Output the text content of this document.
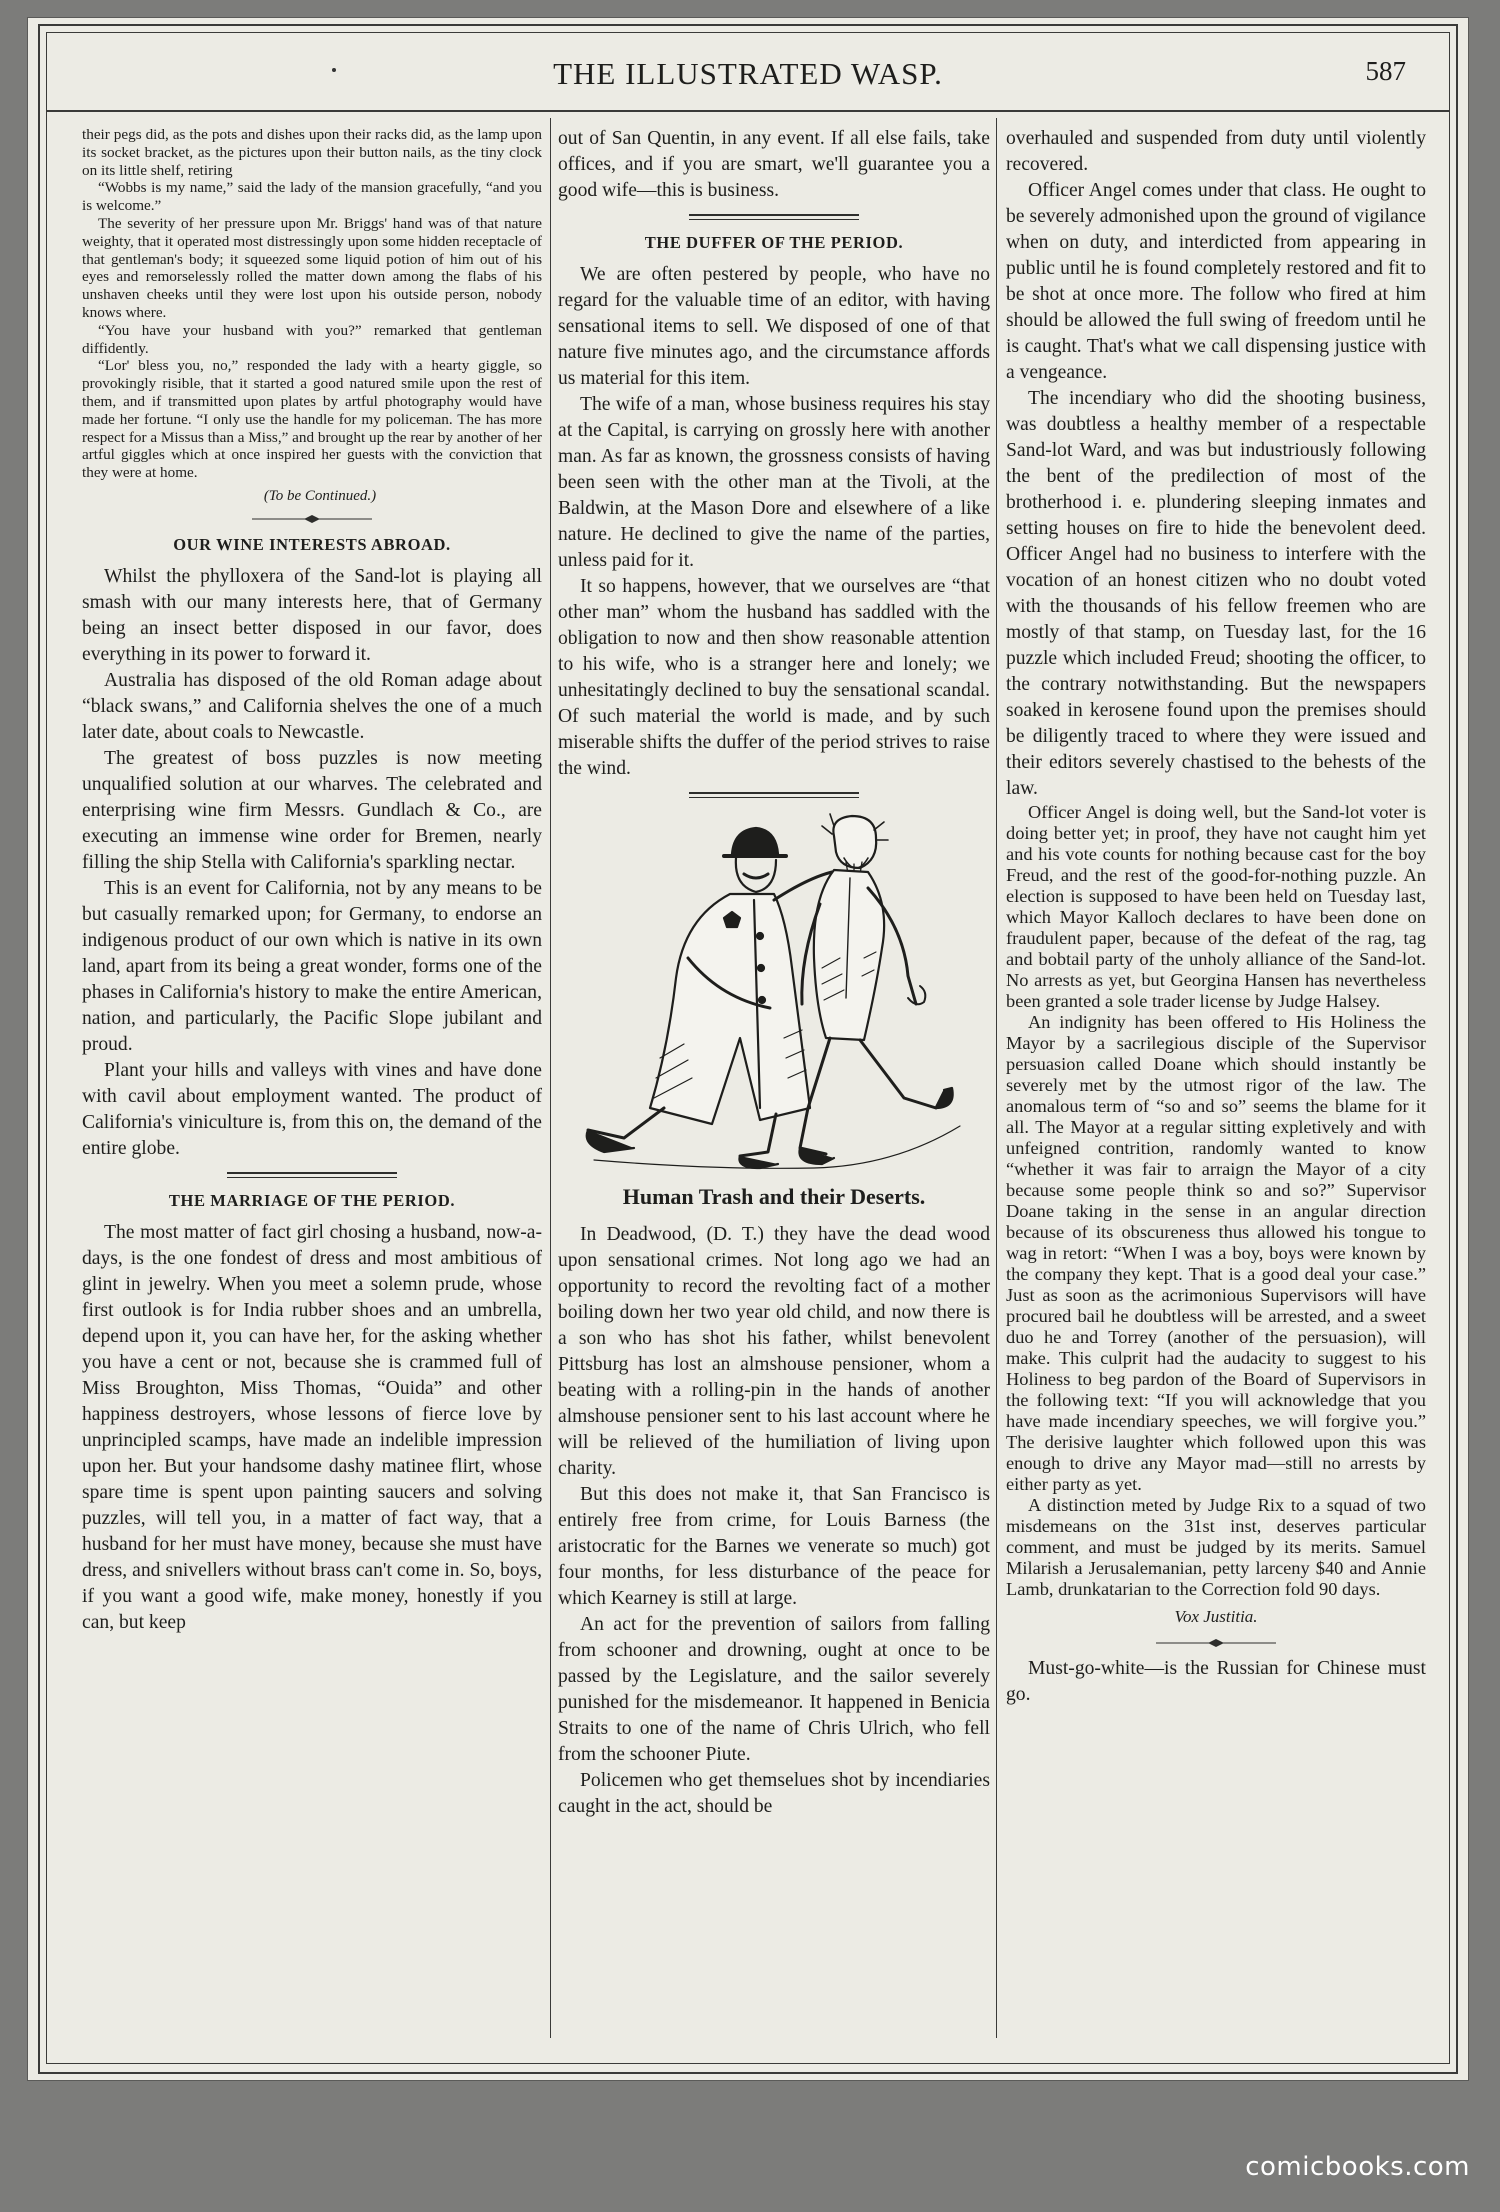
THE ILLUSTRATED WASP.	587

their pegs did, as the pots and dishes upon their racks did, as the lamp upon its socket bracket, as the pictures upon their button nails, as the tiny clock on its little shelf, retiring

“Wobbs is my name,” said the lady of the mansion gracefully, “and you is welcome.”

The severity of her pressure upon Mr. Briggs' hand was of that nature weighty, that it operated most distressingly upon some hidden receptacle of that gentleman's body; it squeezed some liquid potion of him out of his eyes and remorselessly rolled the matter down among the flabs of his unshaven cheeks until they were lost upon his outside person, nobody knows where.

“You have your husband with you?” remarked that gentleman diffidently.

“Lor' bless you, no,” responded the lady with a hearty giggle, so provokingly risible, that it started a good natured smile upon the rest of them, and if transmitted upon plates by artful photography would have made her fortune. “I only use the handle for my policeman. The has more respect for a Missus than a Miss,” and brought up the rear by another of her artful giggles which at once inspired her guests with the conviction that they were at home.

(To be Continued.)

OUR WINE INTERESTS ABROAD.

Whilst the phylloxera of the Sand-lot is playing all smash with our many interests here, that of Germany being an insect better disposed in our favor, does everything in its power to forward it.

Australia has disposed of the old Roman adage about “black swans,” and California shelves the one of a much later date, about coals to Newcastle.

The greatest of boss puzzles is now meeting unqualified solution at our wharves. The celebrated and enterprising wine firm Messrs. Gundlach & Co., are executing an immense wine order for Bremen, nearly filling the ship Stella with California's sparkling nectar.

This is an event for California, not by any means to be but casually remarked upon; for Germany, to endorse an indigenous product of our own which is native in its own land, apart from its being a great wonder, forms one of the phases in California's history to make the entire American, nation, and particularly, the Pacific Slope jubilant and proud.

Plant your hills and valleys with vines and have done with cavil about employment wanted. The product of California's viniculture is, from this on, the demand of the entire globe.

THE MARRIAGE OF THE PERIOD.

The most matter of fact girl chosing a husband, now-a-days, is the one fondest of dress and most ambitious of glint in jewelry. When you meet a solemn prude, whose first outlook is for India rubber shoes and an umbrella, depend upon it, you can have her, for the asking whether you have a cent or not, because she is crammed full of Miss Broughton, Miss Thomas, “Ouida” and other happiness destroyers, whose lessons of fierce love by unprincipled scamps, have made an indelible impression upon her. But your handsome dashy matinee flirt, whose spare time is spent upon painting saucers and solving puzzles, will tell you, in a matter of fact way, that a husband for her must have money, because she must have dress, and snivellers without brass can't come in. So, boys, if you want a good wife, make money, honestly if you can, but keep

out of San Quentin, in any event. If all else fails, take offices, and if you are smart, we'll guarantee you a good wife—this is business.

THE DUFFER OF THE PERIOD.

We are often pestered by people, who have no regard for the valuable time of an editor, with having sensational items to sell. We disposed of one of that nature five minutes ago, and the circumstance affords us material for this item.

The wife of a man, whose business requires his stay at the Capital, is carrying on grossly here with another man. As far as known, the grossness consists of having been seen with the other man at the Tivoli, at the Baldwin, at the Mason Dore and elsewhere of a like nature. He declined to give the name of the parties, unless paid for it.

It so happens, however, that we ourselves are “that other man” whom the husband has saddled with the obligation to now and then show reasonable attention to his wife, who is a stranger here and lonely; we unhesitatingly declined to buy the sensational scandal. Of such material the world is made, and by such miserable shifts the duffer of the period strives to raise the wind.

Human Trash and their Deserts.

In Deadwood, (D. T.) they have the dead wood upon sensational crimes. Not long ago we had an opportunity to record the revolting fact of a mother boiling down her two year old child, and now there is a son who has shot his father, whilst benevolent Pittsburg has lost an almshouse pensioner, whom a beating with a rolling-pin in the hands of another almshouse pensioner sent to his last account where he will be relieved of the humiliation of living upon charity.

But this does not make it, that San Francisco is entirely free from crime, for Louis Barness (the aristocratic for the Barnes we venerate so much) got four months, for less disturbance of the peace for which Kearney is still at large.

An act for the prevention of sailors from falling from schooner and drowning, ought at once to be passed by the Legislature, and the sailor severely punished for the misdemeanor. It happened in Benicia Straits to one of the name of Chris Ulrich, who fell from the schooner Piute.

Policemen who get themselues shot by incendiaries caught in the act, should be

overhauled and suspended from duty until violently recovered.

Officer Angel comes under that class. He ought to be severely admonished upon the ground of vigilance when on duty, and interdicted from appearing in public until he is found completely restored and fit to be shot at once more. The follow who fired at him should be allowed the full swing of freedom until he is caught. That's what we call dispensing justice with a vengeance.

The incendiary who did the shooting business, was doubtless a healthy member of a respectable Sand-lot Ward, and was but industriously following the bent of the predilection of most of the brotherhood i. e. plundering sleeping inmates and setting houses on fire to hide the benevolent deed. Officer Angel had no business to interfere with the vocation of an honest citizen who no doubt voted with the thousands of his fellow freemen who are mostly of that stamp, on Tuesday last, for the 16 puzzle which included Freud; shooting the officer, to the contrary notwithstanding. But the newspapers soaked in kerosene found upon the premises should be diligently traced to where they were issued and their editors severely chastised to the behests of the law.

Officer Angel is doing well, but the Sand-lot voter is doing better yet; in proof, they have not caught him yet and his vote counts for nothing because cast for the boy Freud, and the rest of the good-for-nothing puzzle. An election is supposed to have been held on Tuesday last, which Mayor Kalloch declares to have been done on fraudulent paper, because of the defeat of the rag, tag and bobtail party of the unholy alliance of the Sand-lot. No arrests as yet, but Georgina Hansen has nevertheless been granted a sole trader license by Judge Halsey.

An indignity has been offered to His Holiness the Mayor by a sacrilegious disciple of the Supervisor persuasion called Doane which should instantly be severely met by the utmost rigor of the law. The anomalous term of “so and so” seems the blame for it all. The Mayor at a regular sitting expletively and with unfeigned contrition, randomly wanted to know “whether it was fair to arraign the Mayor of a city because some people think so and so?” Supervisor Doane taking in the sense in an angular direction because of its obscureness thus allowed his tongue to wag in retort: “When I was a boy, boys were known by the company they kept. That is a good deal your case.” Just as soon as the acrimonious Supervisors will have procured bail he doubtless will be arrested, and a sweet duo he and Torrey (another of the persuasion), will make. This culprit had the audacity to suggest to his Holiness to beg pardon of the Board of Supervisors in the following text: “If you will acknowledge that you have made incendiary speeches, we will forgive you.” The derisive laughter which followed upon this was enough to drive any Mayor mad—still no arrests by either party as yet.

A distinction meted by Judge Rix to a squad of two misdemeans on the 31st inst, deserves particular comment, and must be judged by its merits. Samuel Milarish a Jerusalemanian, petty larceny $40 and Annie Lamb, drunkatarian to the Correction fold 90 days.

Vox Justitia.

Must-go-white—is the Russian for Chinese must go.

comicbooks.com
